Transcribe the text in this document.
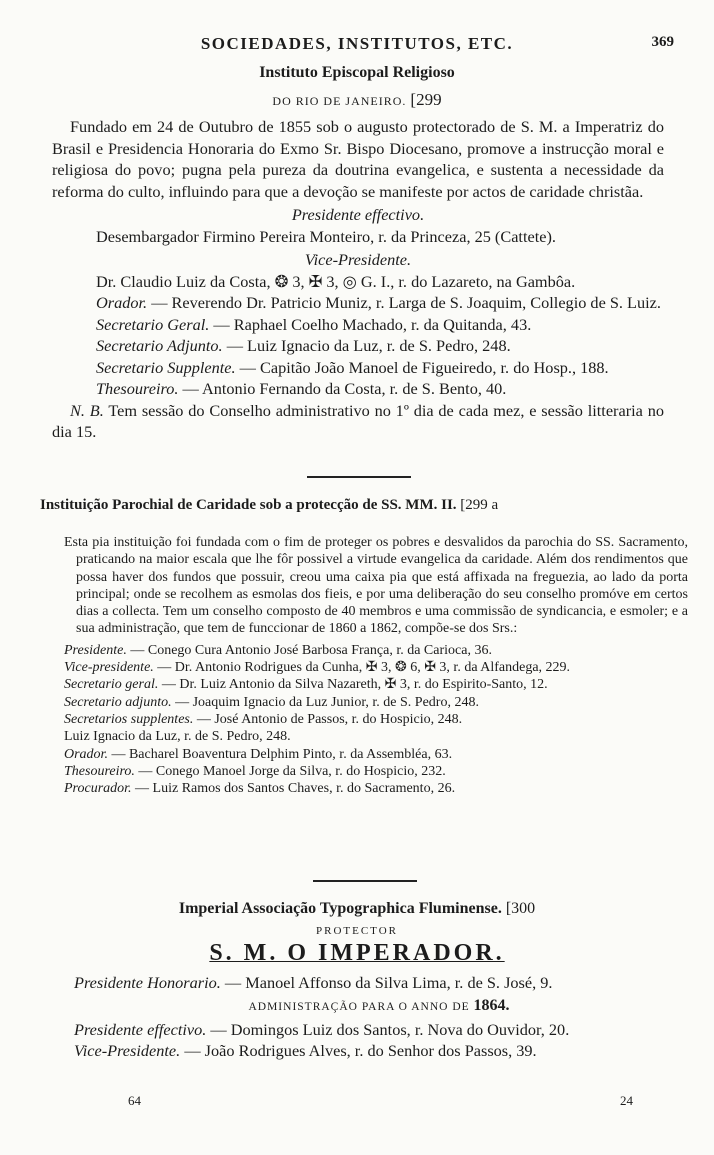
SOCIEDADES, INSTITUTOS, ETC.	369
Instituto Episcopal Religioso
DO RIO DE JANEIRO. [299

Fundado em 24 de Outubro de 1855 sob o augusto protectorado de S. M. a Imperatriz do Brasil e Presidencia Honoraria do Exmo Sr. Bispo Diocesano, promove a instrucção moral e religiosa do povo; pugna pela pureza da doutrina evangelica, e sustenta a necessidade da reforma do culto, influindo para que a devoção se manifeste por actos de caridade christãa.

Presidente effectivo.

Desembargador Firmino Pereira Monteiro, r. da Princeza, 25 (Cattete).

Vice-Presidente.

Dr. Claudio Luiz da Costa, ❂ 3, ✠ 3, ◎ G. I., r. do Lazareto, na Gambôa.

Orador. — Reverendo Dr. Patricio Muniz, r. Larga de S. Joaquim, Collegio de S. Luiz.

Secretario Geral. — Raphael Coelho Machado, r. da Quitanda, 43.

Secretario Adjunto. — Luiz Ignacio da Luz, r. de S. Pedro, 248.

Secretario Supplente. — Capitão João Manoel de Figueiredo, r. do Hosp., 188.

Thesoureiro. — Antonio Fernando da Costa, r. de S. Bento, 40.

N. B. Tem sessão do Conselho administrativo no 1º dia de cada mez, e sessão litteraria no dia 15.

Instituição Parochial de Caridade sob a protecção de SS. MM. II. [299 a

Esta pia instituição foi fundada com o fim de proteger os pobres e desvalidos da parochia do SS. Sacramento, praticando na maior escala que lhe fôr possivel a virtude evangelica da caridade. Além dos rendimentos que possa haver dos fundos que possuir, creou uma caixa pia que está affixada na freguezia, ao lado da porta principal; onde se recolhem as esmolas dos fieis, e por uma deliberação do seu conselho promóve em certos dias a collecta. Tem um conselho composto de 40 membros e uma commissão de syndicancia, e esmoler; e a sua administração, que tem de funccionar de 1860 a 1862, compõe-se dos Srs.:

Presidente. — Conego Cura Antonio José Barbosa França, r. da Carioca, 36.

Vice-presidente. — Dr. Antonio Rodrigues da Cunha, ✠ 3, ❂ 6, ✠ 3, r. da Alfandega, 229.

Secretario geral. — Dr. Luiz Antonio da Silva Nazareth, ✠ 3, r. do Espirito-Santo, 12.

Secretario adjunto. — Joaquim Ignacio da Luz Junior, r. de S. Pedro, 248.

Secretarios supplentes. — José Antonio de Passos, r. do Hospicio, 248.

Luiz Ignacio da Luz, r. de S. Pedro, 248.

Orador. — Bacharel Boaventura Delphim Pinto, r. da Assembléa, 63.

Thesoureiro. — Conego Manoel Jorge da Silva, r. do Hospicio, 232.

Procurador. — Luiz Ramos dos Santos Chaves, r. do Sacramento, 26.

Imperial Associação Typographica Fluminense. [300
PROTECTOR
S. M. O IMPERADOR.

Presidente Honorario. — Manoel Affonso da Silva Lima, r. de S. José, 9.

ADMINISTRAÇÃO PARA O ANNO DE 1864.

Presidente effectivo. — Domingos Luiz dos Santos, r. Nova do Ouvidor, 20.

Vice-Presidente. — João Rodrigues Alves, r. do Senhor dos Passos, 39.

64	24
